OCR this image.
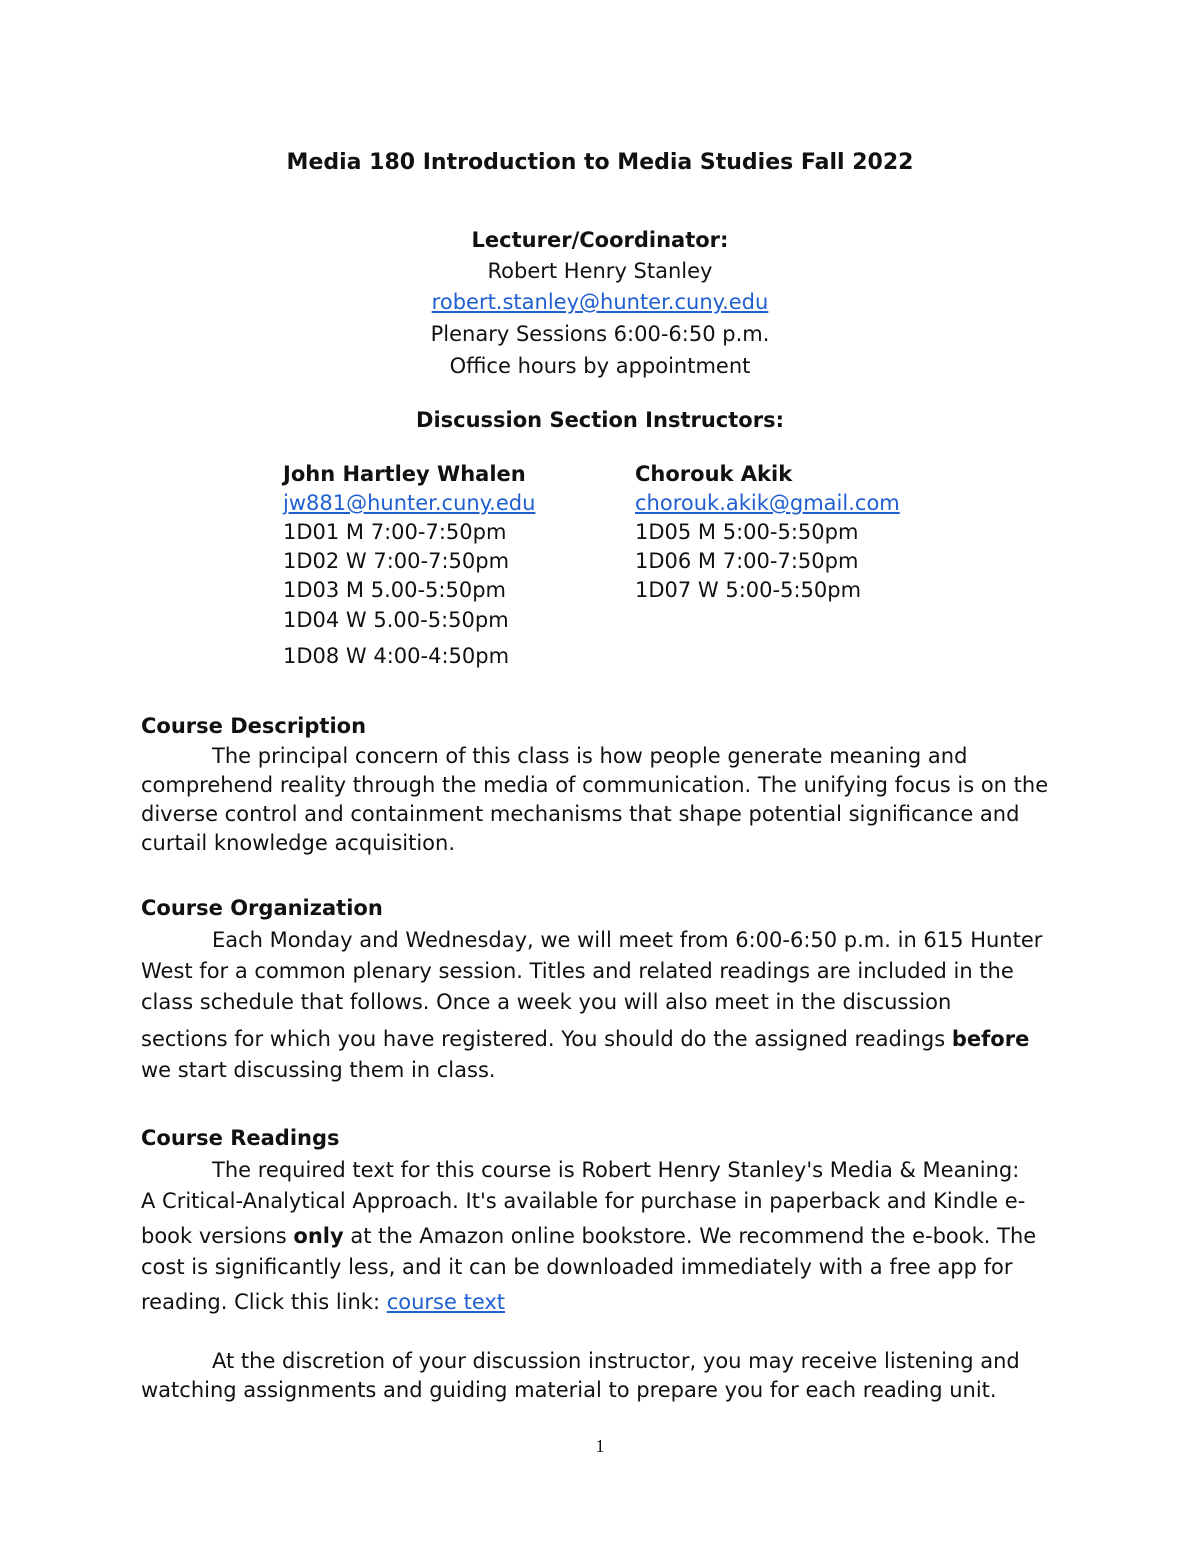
Media 180 Introduction to Media Studies Fall 2022
Lecturer/Coordinator:
Robert Henry Stanley
robert.stanley@hunter.cuny.edu
Plenary Sessions 6:00-6:50 p.m.
Office hours by appointment
Discussion Section Instructors:
John Hartley Whalen
jw881@hunter.cuny.edu
1D01 M 7:00-7:50pm
1D02 W 7:00-7:50pm
1D03 M 5.00-5:50pm
1D04 W 5.00-5:50pm
1D08 W 4:00-4:50pm
Chorouk Akik
chorouk.akik@gmail.com
1D05 M 5:00-5:50pm
1D06 M 7:00-7:50pm
1D07 W 5:00-5:50pm
Course Description
The principal concern of this class is how people generate meaning and
comprehend reality through the media of communication. The unifying focus is on the
diverse control and containment mechanisms that shape potential significance and
curtail knowledge acquisition.
Course Organization
Each Monday and Wednesday, we will meet from 6:00-6:50 p.m. in 615 Hunter
West for a common plenary session. Titles and related readings are included in the
class schedule that follows. Once a week you will also meet in the discussion
sections for which you have registered. You should do the assigned readings before
we start discussing them in class.
Course Readings
The required text for this course is Robert Henry Stanley's Media & Meaning:
A Critical-Analytical Approach. It's available for purchase in paperback and Kindle e-
book versions only at the Amazon online bookstore. We recommend the e-book. The
cost is significantly less, and it can be downloaded immediately with a free app for
reading. Click this link: course text
At the discretion of your discussion instructor, you may receive listening and
watching assignments and guiding material to prepare you for each reading unit.
1
